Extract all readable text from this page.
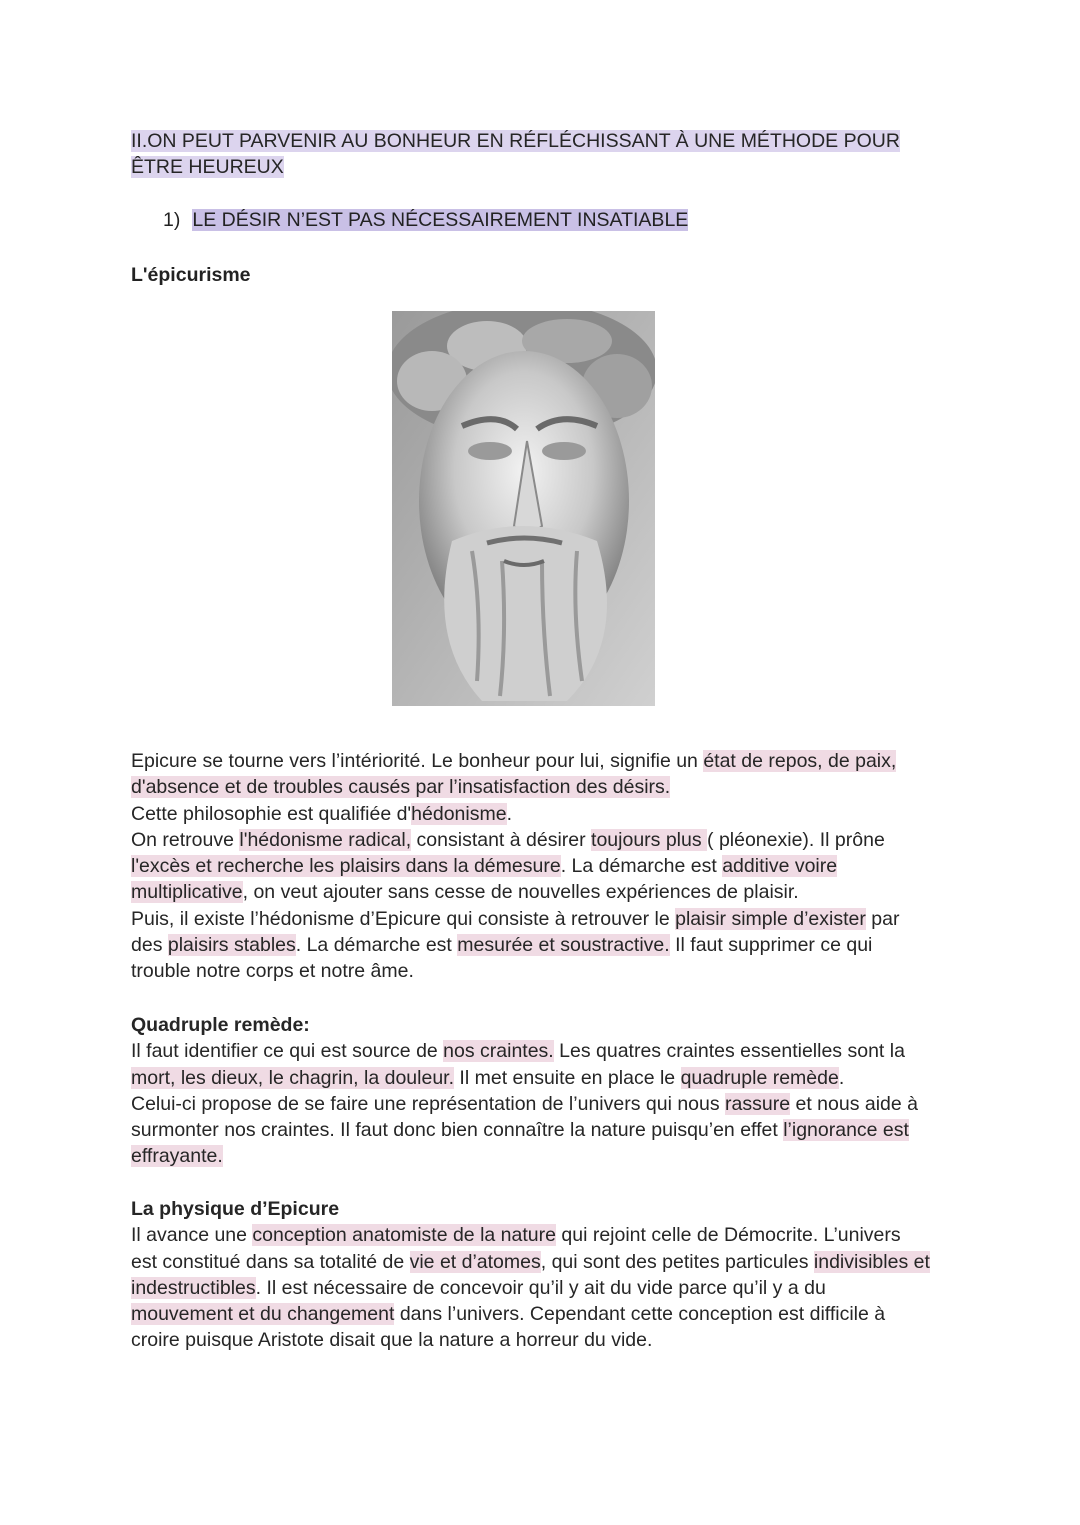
II.ON PEUT PARVENIR AU BONHEUR EN RÉFLÉCHISSANT À UNE MÉTHODE POUR
ÊTRE HEUREUX
1) LE DÉSIR N’EST PAS NÉCESSAIREMENT INSATIABLE
L'épicurisme
Epicure se tourne vers l’intériorité. Le bonheur pour lui, signifie un état de repos, de paix,
d'absence et de troubles causés par l’insatisfaction des désirs.
Cette philosophie est qualifiée d'hédonisme.
On retrouve l'hédonisme radical, consistant à désirer toujours plus ( pléonexie). Il prône
l'excès et recherche les plaisirs dans la démesure. La démarche est additive voire
multiplicative, on veut ajouter sans cesse de nouvelles expériences de plaisir.
Puis, il existe l’hédonisme d’Epicure qui consiste à retrouver le plaisir simple d’exister par
des plaisirs stables. La démarche est mesurée et soustractive. Il faut supprimer ce qui
trouble notre corps et notre âme.
Quadruple remède:
Il faut identifier ce qui est source de nos craintes. Les quatres craintes essentielles sont la
mort, les dieux, le chagrin, la douleur. Il met ensuite en place le quadruple remède.
Celui-ci propose de se faire une représentation de l’univers qui nous rassure et nous aide à
surmonter nos craintes. Il faut donc bien connaître la nature puisqu’en effet l’ignorance est
effrayante.
La physique d’Epicure
Il avance une conception anatomiste de la nature qui rejoint celle de Démocrite. L’univers
est constitué dans sa totalité de vie et d’atomes, qui sont des petites particules indivisibles et
indestructibles. Il est nécessaire de concevoir qu’il y ait du vide parce qu’il y a du
mouvement et du changement dans l’univers. Cependant cette conception est difficile à
croire puisque Aristote disait que la nature a horreur du vide.
